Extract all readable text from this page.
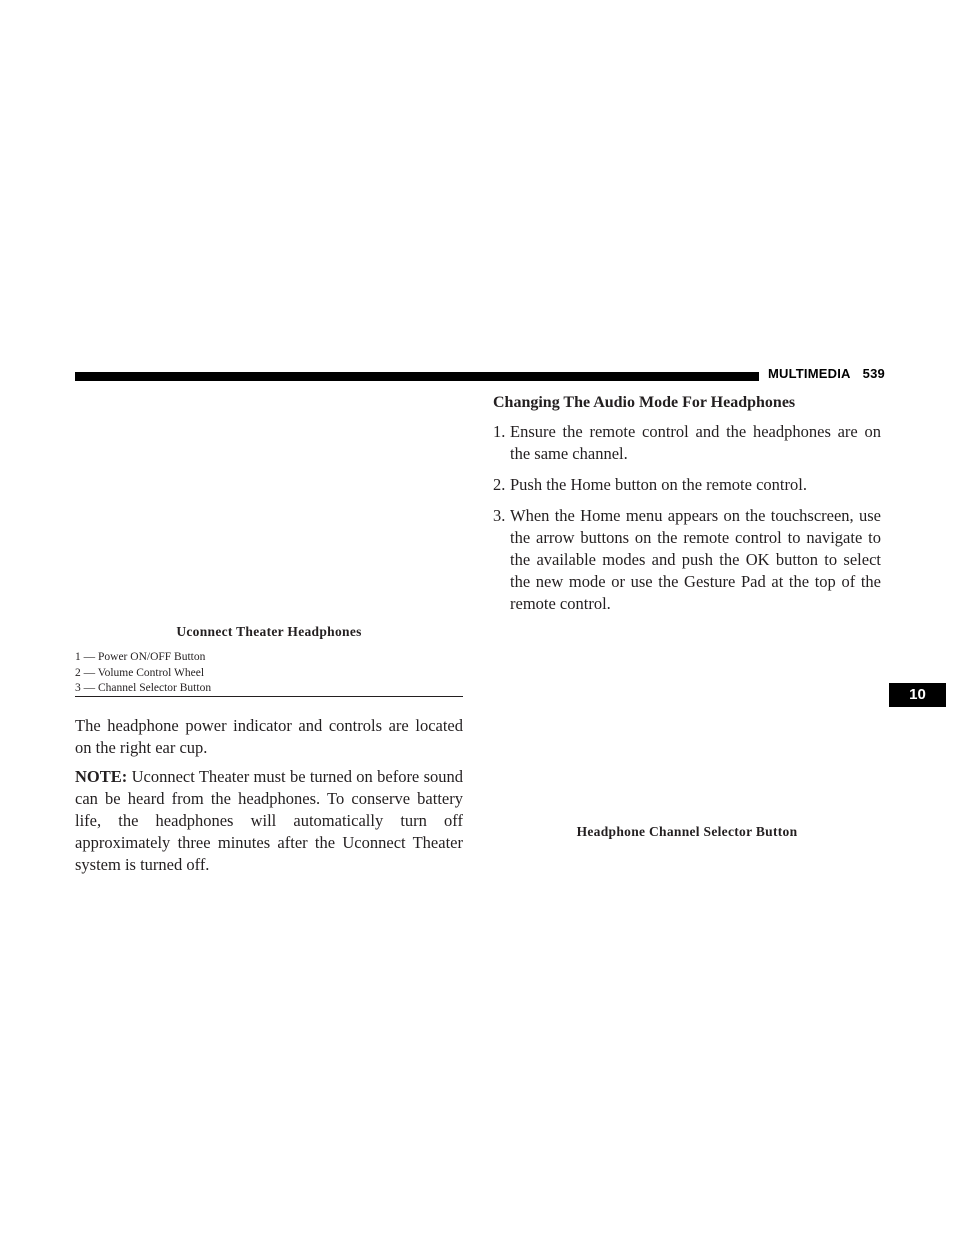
MULTIMEDIA 539
Uconnect Theater Headphones
1 — Power ON/OFF Button
2 — Volume Control Wheel
3 — Channel Selector Button

The headphone power indicator and controls are located on the right ear cup.

NOTE: Uconnect Theater must be turned on before sound can be heard from the headphones. To conserve battery life, the headphones will automatically turn off approximately three minutes after the Uconnect Theater system is turned off.

Changing The Audio Mode For Headphones
1. Ensure the remote control and the headphones are on the same channel.
2. Push the Home button on the remote control.
3. When the Home menu appears on the touchscreen, use the arrow buttons on the remote control to navigate to the available modes and push the OK button to select the new mode or use the Gesture Pad at the top of the remote control.
Headphone Channel Selector Button
10
